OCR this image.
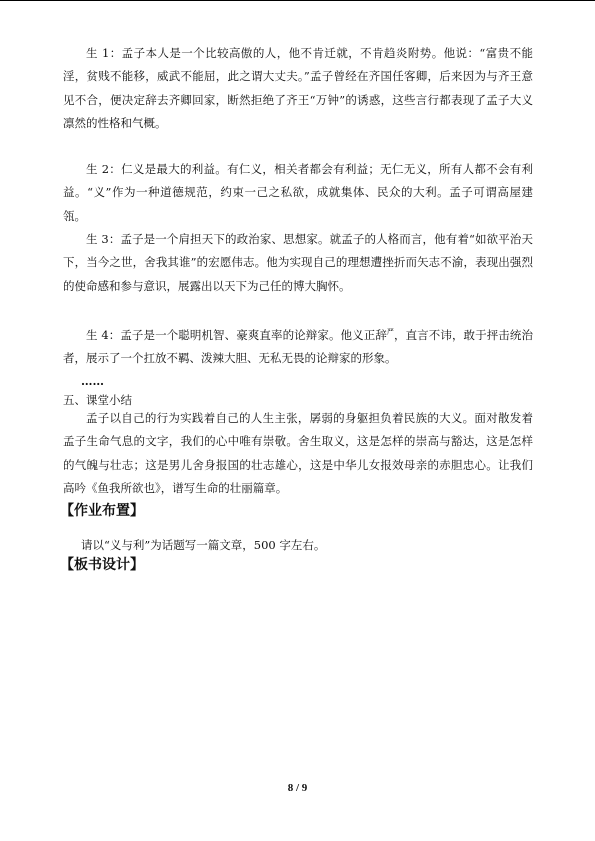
生 1：孟子本人是一个比较高傲的人，他不肯迁就，不肯趋炎附势。他说：“富贵不能淫，贫贱不能移，威武不能屈，此之谓大丈夫。”孟子曾经在齐国任客卿，后来因为与齐王意见不合，便决定辞去齐卿回家，断然拒绝了齐王“万钟”的诱惑，这些言行都表现了孟子大义凛然的性格和气概。

生 2：仁义是最大的利益。有仁义，相关者都会有利益；无仁无义，所有人都不会有利益。“义”作为一种道德规范，约束一己之私欲，成就集体、民众的大利。孟子可谓高屋建瓴。

生 3：孟子是一个肩担天下的政治家、思想家。就孟子的人格而言，他有着“如欲平治天下，当今之世，舍我其谁”的宏愿伟志。他为实现自己的理想遭挫折而矢志不渝，表现出强烈的使命感和参与意识，展露出以天下为己任的博大胸怀。

生 4：孟子是一个聪明机智、豪爽直率的论辩家。他义正辞$^严$，直言不讳，敢于抨击统治者，展示了一个扛放不羁、泼辣大胆、无私无畏的论辩家的形象。

……
五、课堂小结

孟子以自己的行为实践着自己的人生主张，孱弱的身躯担负着民族的大义。面对散发着孟子生命气息的文字，我们的心中唯有崇敬。舍生取义，这是怎样的崇高与豁达，这是怎样的气魄与壮志；这是男儿舍身报国的壮志雄心，这是中华儿女报效母亲的赤胆忠心。让我们高吟《鱼我所欲也》，谱写生命的壮丽篇章。

【作业布置】
请以“义与利”为话题写一篇文章，500 字左右。
【板书设计】
8 / 9
